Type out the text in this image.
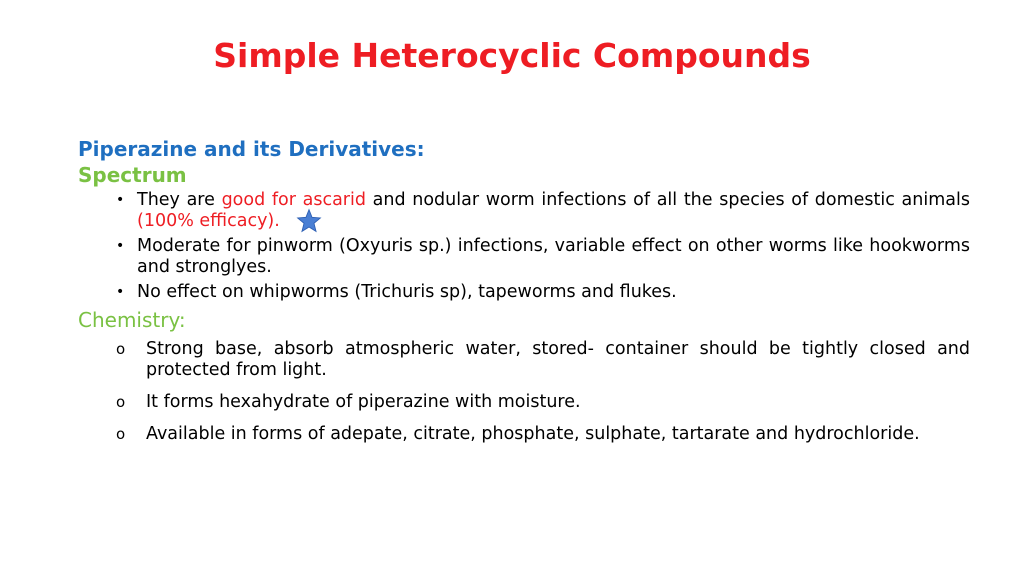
Simple Heterocyclic Compounds
Piperazine and its Derivatives:
Spectrum
• They are good for ascarid and nodular worm infections of all the species of domestic animals (100% efficacy).
• Moderate for pinworm (Oxyuris sp.) infections, variable effect on other worms like hookworms and stronglyes.
• No effect on whipworms (Trichuris sp), tapeworms and flukes.
Chemistry:
o Strong base, absorb atmospheric water, stored- container should be tightly closed and protected from light.
o It forms hexahydrate of piperazine with moisture.
o Available in forms of adepate, citrate, phosphate, sulphate, tartarate and hydrochloride.
